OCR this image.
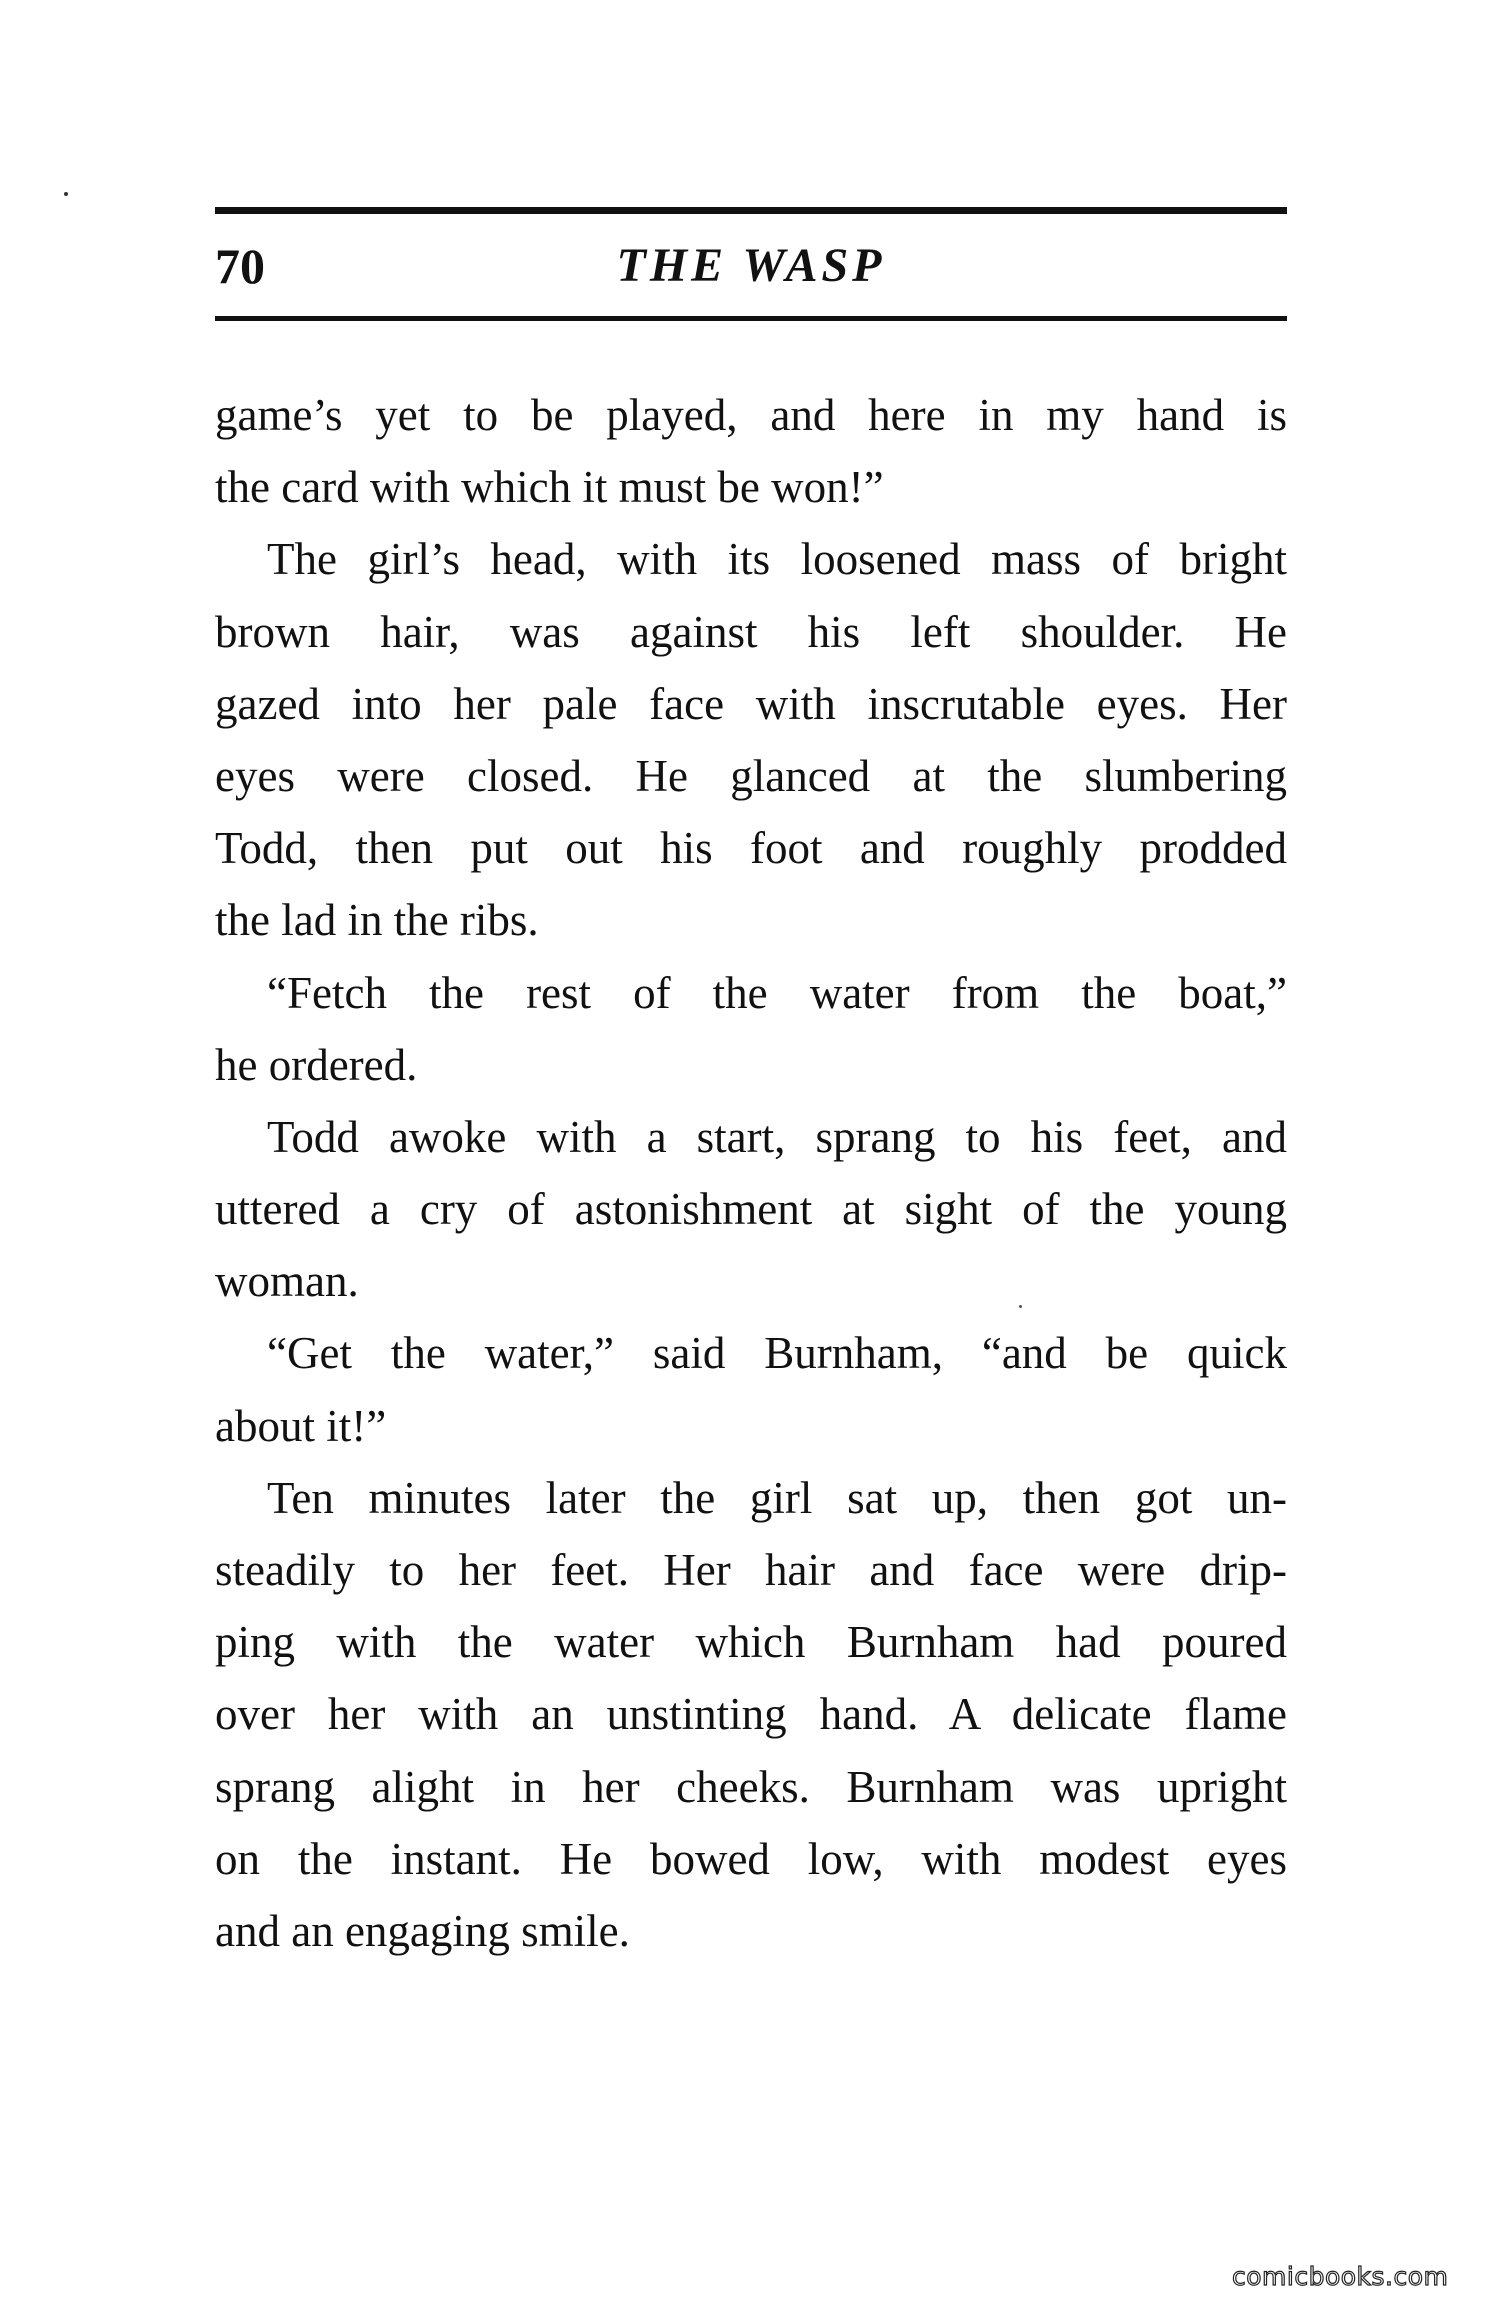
70	THE WASP
game’s yet to be played, and here in my hand is
the card with which it must be won!”
The girl’s head, with its loosened mass of bright
brown hair, was against his left shoulder. He
gazed into her pale face with inscrutable eyes. Her
eyes were closed. He glanced at the slumbering
Todd, then put out his foot and roughly prodded
the lad in the ribs.
“Fetch the rest of the water from the boat,”
he ordered.
Todd awoke with a start, sprang to his feet, and
uttered a cry of astonishment at sight of the young
woman.
“Get the water,” said Burnham, “and be quick
about it!”
Ten minutes later the girl sat up, then got un-
steadily to her feet. Her hair and face were drip-
ping with the water which Burnham had poured
over her with an unstinting hand. A delicate flame
sprang alight in her cheeks. Burnham was upright
on the instant. He bowed low, with modest eyes
and an engaging smile.
comicbooks.com
